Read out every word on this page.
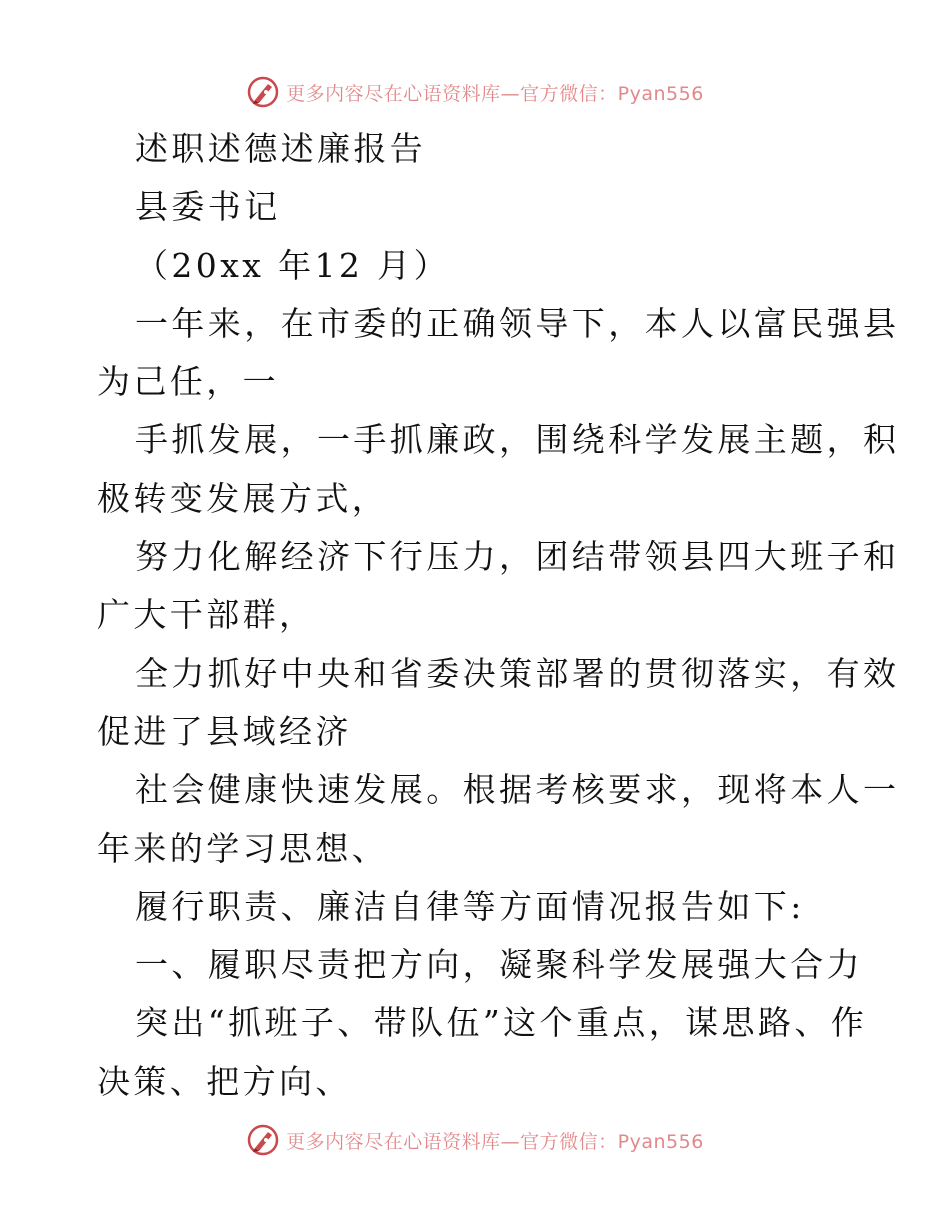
更多内容尽在心语资料库—官方微信：Pyan556
述职述德述廉报告
县委书记
（20xx 年12 月）
一年来，在市委的正确领导下，本人以富民强县
为己任，一
手抓发展，一手抓廉政，围绕科学发展主题，积
极转变发展方式，
努力化解经济下行压力，团结带领县四大班子和
广大干部群，
全力抓好中央和省委决策部署的贯彻落实，有效
促进了县域经济
社会健康快速发展。根据考核要求，现将本人一
年来的学习思想、
履行职责、廉洁自律等方面情况报告如下:
一、履职尽责把方向，凝聚科学发展强大合力
突出“抓班子、带队伍”这个重点，谋思路、作
决策、把方向、
更多内容尽在心语资料库—官方微信：Pyan556
